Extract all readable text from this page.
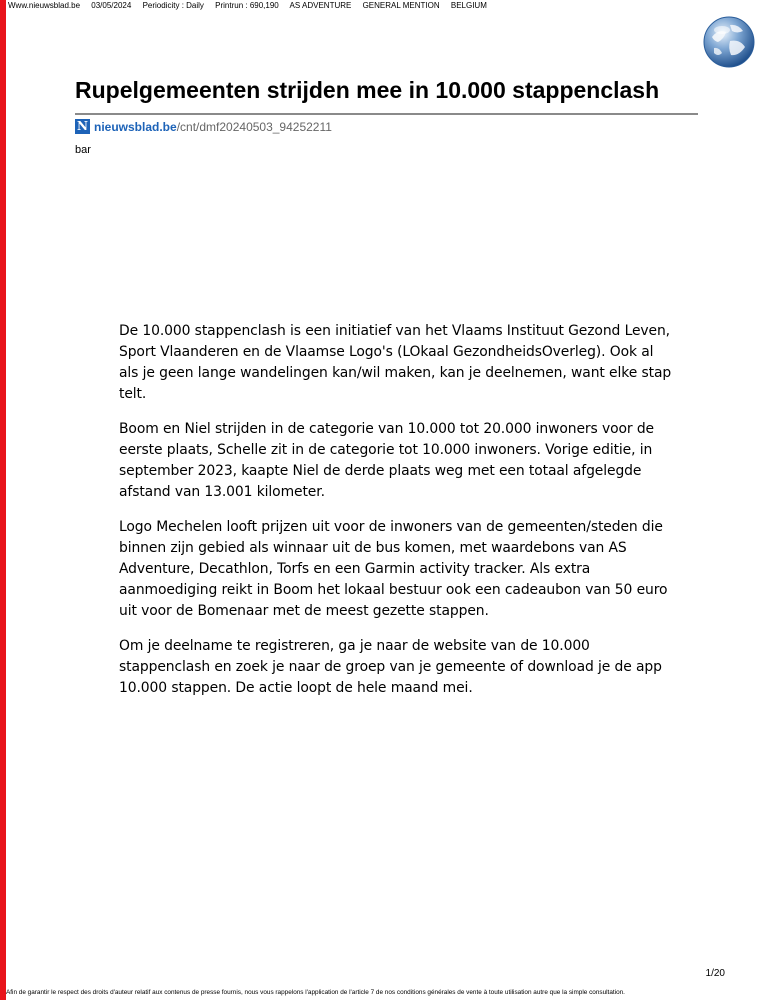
Www.nieuwsblad.be 03/05/2024 Periodicity : Daily Printrun : 690,190 AS ADVENTURE GENERAL MENTION BELGIUM
Rupelgemeenten strijden mee in 10.000 stappenclash
N nieuwsblad.be /cnt/dmf20240503_94252211
bar

De 10.000 stappenclash is een initiatief van het Vlaams Instituut Gezond Leven, Sport Vlaanderen en de Vlaamse Logo's (LOkaal GezondheidsOverleg). Ook al als je geen lange wandelingen kan/wil maken, kan je deelnemen, want elke stap telt.

Boom en Niel strijden in de categorie van 10.000 tot 20.000 inwoners voor de eerste plaats, Schelle zit in de categorie tot 10.000 inwoners. Vorige editie, in september 2023, kaapte Niel de derde plaats weg met een totaal afgelegde afstand van 13.001 kilometer.

Logo Mechelen looft prijzen uit voor de inwoners van de gemeenten/steden die binnen zijn gebied als winnaar uit de bus komen, met waardebons van AS Adventure, Decathlon, Torfs en een Garmin activity tracker. Als extra aanmoediging reikt in Boom het lokaal bestuur ook een cadeaubon van 50 euro uit voor de Bomenaar met de meest gezette stappen.

Om je deelname te registreren, ga je naar de website van de 10.000 stappenclash en zoek je naar de groep van je gemeente of download je de app 10.000 stappen. De actie loopt de hele maand mei.

1/20
Afin de garantir le respect des droits d'auteur relatif aux contenus de presse fournis, nous vous rappelons l'application de l'article 7 de nos conditions générales de vente à toute utilisation autre que la simple consultation.
